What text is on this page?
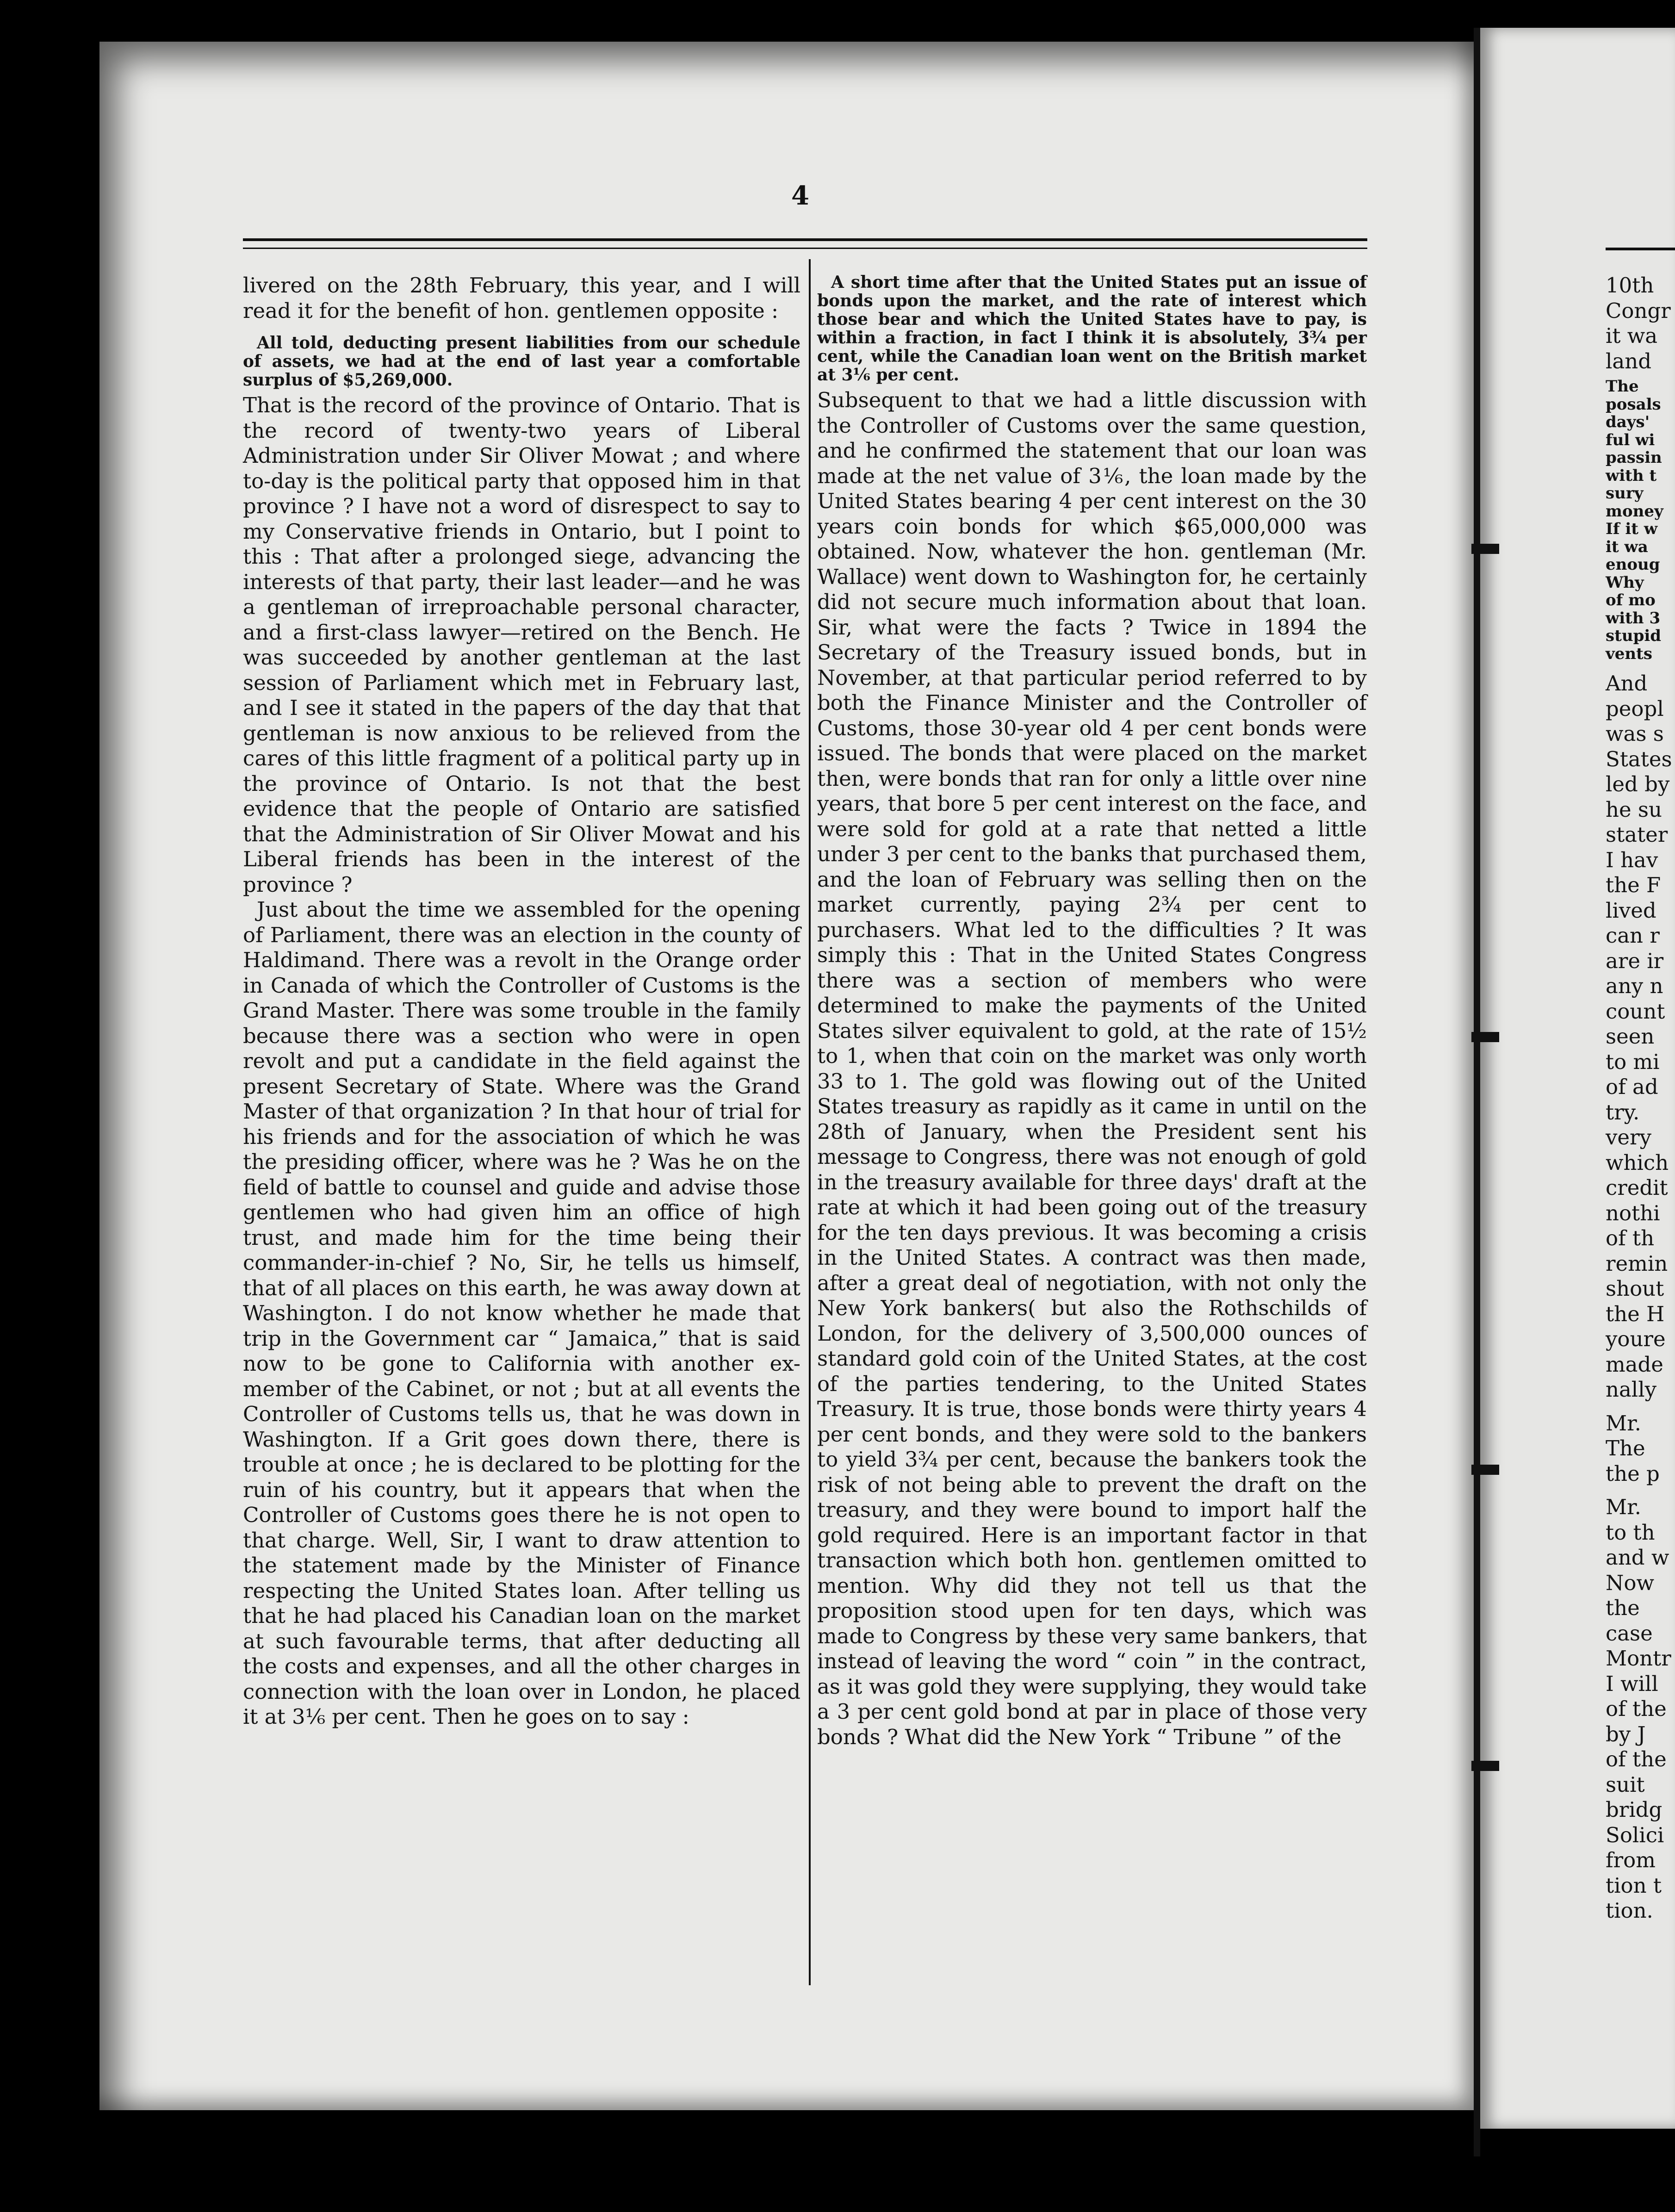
4

livered on the 28th February, this year, and I will read it for the benefit of hon. gentlemen opposite :

All told, deducting present liabilities from our schedule of assets, we had at the end of last year a comfortable surplus of $5,269,000.

That is the record of the province of Ontario. That is the record of twenty-two years of Liberal Administration under Sir Oliver Mowat ; and where to-day is the political party that opposed him in that province ? I have not a word of disrespect to say to my Conservative friends in Ontario, but I point to this : That after a prolonged siege, advancing the interests of that party, their last leader—and he was a gentleman of irreproachable personal character, and a first-class lawyer—retired on the Bench. He was succeeded by another gentleman at the last session of Parliament which met in February last, and I see it stated in the papers of the day that that gentleman is now anxious to be relieved from the cares of this little fragment of a political party up in the province of Ontario. Is not that the best evidence that the people of Ontario are satisfied that the Administration of Sir Oliver Mowat and his Liberal friends has been in the interest of the province ?

Just about the time we assembled for the opening of Parliament, there was an election in the county of Haldimand. There was a revolt in the Orange order in Canada of which the Controller of Customs is the Grand Master. There was some trouble in the family because there was a section who were in open revolt and put a candidate in the field against the present Secretary of State. Where was the Grand Master of that organization ? In that hour of trial for his friends and for the association of which he was the presiding officer, where was he ? Was he on the field of battle to counsel and guide and advise those gentlemen who had given him an office of high trust, and made him for the time being their commander-in-chief ? No, Sir, he tells us himself, that of all places on this earth, he was away down at Washington. I do not know whether he made that trip in the Government car “ Jamaica,” that is said now to be gone to California with another ex-member of the Cabinet, or not ; but at all events the Controller of Customs tells us, that he was down in Washington. If a Grit goes down there, there is trouble at once ; he is declared to be plotting for the ruin of his country, but it appears that when the Controller of Customs goes there he is not open to that charge. Well, Sir, I want to draw attention to the statement made by the Minister of Finance respecting the United States loan. After telling us that he had placed his Canadian loan on the market at such favourable terms, that after deducting all the costs and expenses, and all the other charges in connection with the loan over in London, he placed it at 3⅙ per cent. Then he goes on to say :

A short time after that the United States put an issue of bonds upon the market, and the rate of interest which those bear and which the United States have to pay, is within a fraction, in fact I think it is absolutely, 3¾ per cent, while the Canadian loan went on the British market at 3⅙ per cent.

Subsequent to that we had a little discussion with the Controller of Customs over the same question, and he confirmed the statement that our loan was made at the net value of 3⅙, the loan made by the United States bearing 4 per cent interest on the 30 years coin bonds for which $65,000,000 was obtained. Now, whatever the hon. gentleman (Mr. Wallace) went down to Washington for, he certainly did not secure much information about that loan. Sir, what were the facts ? Twice in 1894 the Secretary of the Treasury issued bonds, but in November, at that particular period referred to by both the Finance Minister and the Controller of Customs, those 30-year old 4 per cent bonds were issued. The bonds that were placed on the market then, were bonds that ran for only a little over nine years, that bore 5 per cent interest on the face, and were sold for gold at a rate that netted a little under 3 per cent to the banks that purchased them, and the loan of February was selling then on the market currently, paying 2¾ per cent to purchasers. What led to the difficulties ? It was simply this : That in the United States Congress there was a section of members who were determined to make the payments of the United States silver equivalent to gold, at the rate of 15½ to 1, when that coin on the market was only worth 33 to 1. The gold was flowing out of the United States treasury as rapidly as it came in until on the 28th of January, when the President sent his message to Congress, there was not enough of gold in the treasury available for three days' draft at the rate at which it had been going out of the treasury for the ten days previous. It was becoming a crisis in the United States. A contract was then made, after a great deal of negotiation, with not only the New York bankers( but also the Rothschilds of London, for the delivery of 3,500,000 ounces of standard gold coin of the United States, at the cost of the parties tendering, to the United States Treasury. It is true, those bonds were thirty years 4 per cent bonds, and they were sold to the bankers to yield 3¾ per cent, because the bankers took the risk of not being able to prevent the draft on the treasury, and they were bound to import half the gold required. Here is an important factor in that transaction which both hon. gentlemen omitted to mention. Why did they not tell us that the proposition stood upen for ten days, which was made to Congress by these very same bankers, that instead of leaving the word “ coin ” in the contract, as it was gold they were supplying, they would take a 3 per cent gold bond at par in place of those very bonds ? What did the New York “ Tribune ” of the

10th
Congr
it wa
land
The
posals
days'
ful wi
passin
with t
sury
money
If it w
it wa
enoug
Why
of mo
with 3
stupid
vents
And
peopl
was s
States
led by
he su
stater
I hav
the F
lived
can r
are ir
any n
count
seen
to mi
of ad
try.
very
which
credit
nothi
of th
remin
shout
the H
youre
made
nally
Mr.
The
the p
Mr.
to th
and w
Now
the
case
Montr
I will
of the
by J
of the
suit
bridg
Solici
from
tion t
tion.
